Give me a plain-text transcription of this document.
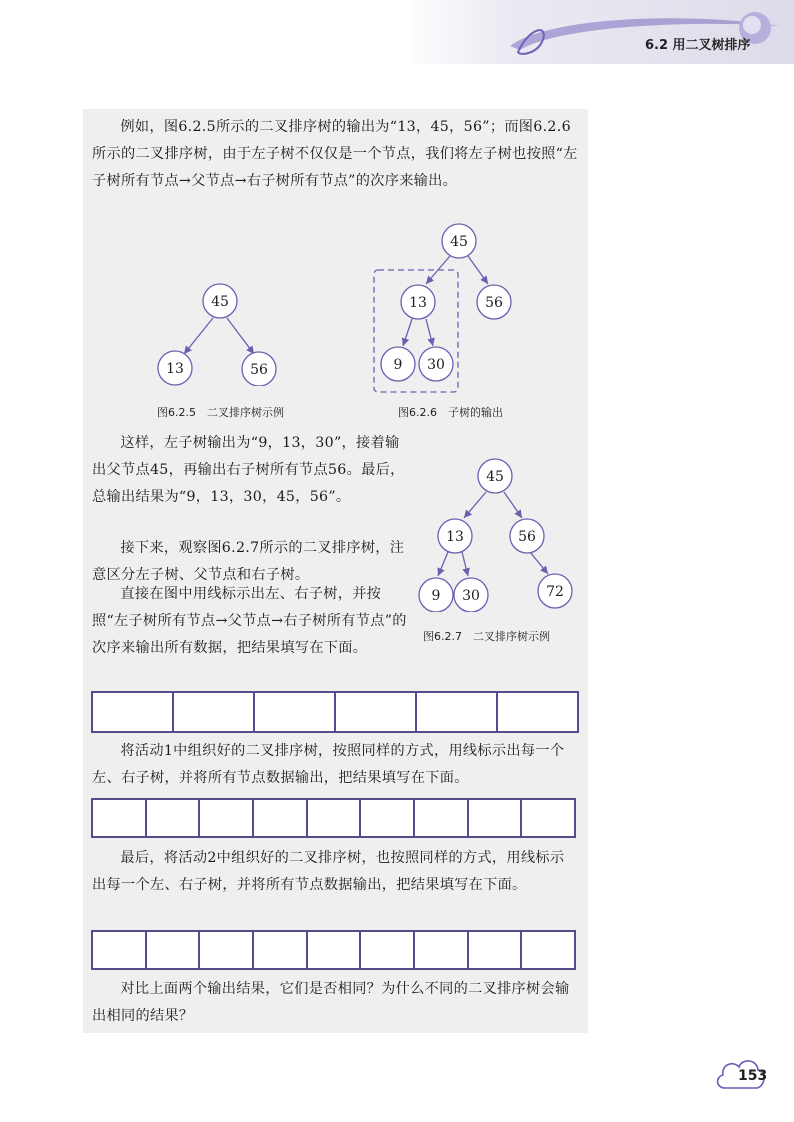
6.2 用二叉树排序

例如，图6.2.5所示的二叉排序树的输出为“13，45，56”；而图6.2.6所示的二叉排序树，由于左子树不仅仅是一个节点，我们将左子树也按照“左子树所有节点→父节点→右子树所有节点”的次序来输出。

45
13	56
图6.2.5　二叉排序树示例
45
13	56
9 30
图6.2.6　子树的输出

这样，左子树输出为“9，13，30”，接着输出父节点45，再输出右子树所有节点56。最后，总输出结果为“9，13，30，45，56”。

接下来，观察图6.2.7所示的二叉排序树，注意区分左子树、父节点和右子树。

直接在图中用线标示出左、右子树，并按照“左子树所有节点→父节点→右子树所有节点”的次序来输出所有数据，把结果填写在下面。

45
13	56
9 30	72
图6.2.7　二叉排序树示例

将活动1中组织好的二叉排序树，按照同样的方式，用线标示出每一个左、右子树，并将所有节点数据输出，把结果填写在下面。

最后，将活动2中组织好的二叉排序树，也按照同样的方式，用线标示出每一个左、右子树，并将所有节点数据输出，把结果填写在下面。

对比上面两个输出结果，它们是否相同？为什么不同的二叉排序树会输出相同的结果？

153
